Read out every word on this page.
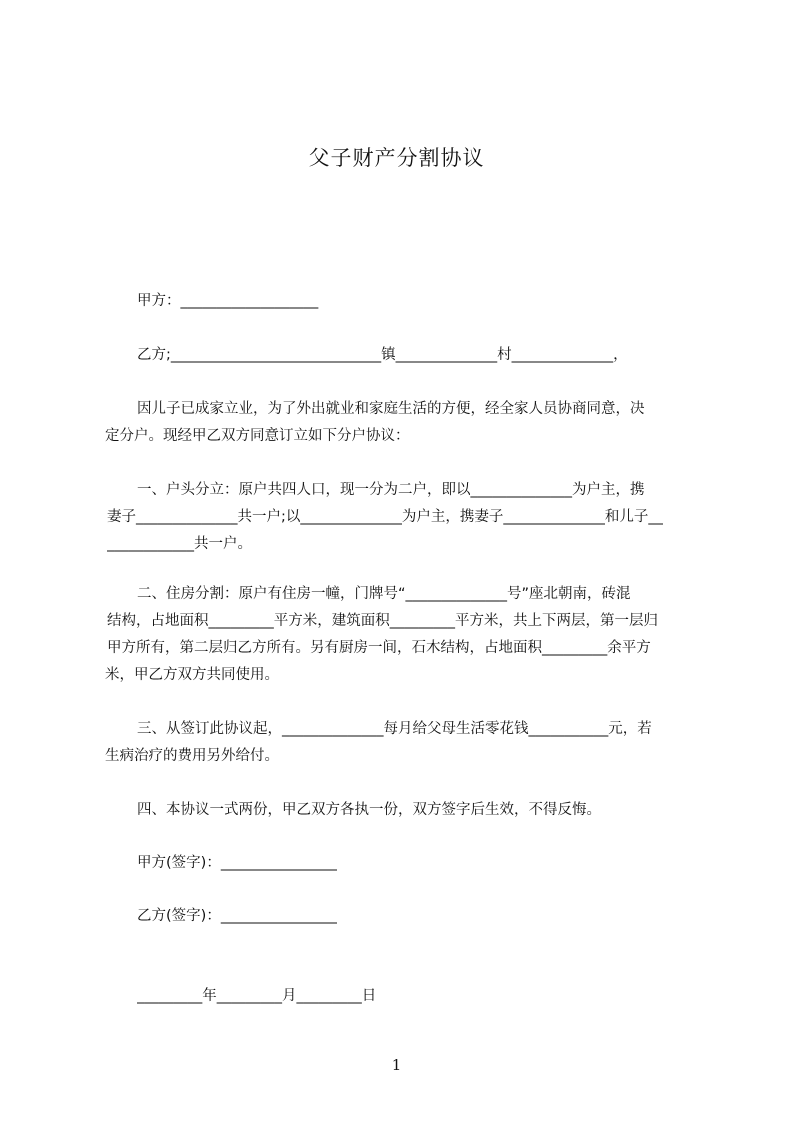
父子财产分割协议
甲方：___________________
乙方;_____________________________镇______________村______________，
因儿子已成家立业，为了外出就业和家庭生活的方便，经全家人员协商同意，决
定分户。现经甲乙双方同意订立如下分户协议：
一、户头分立：原户共四人口，现一分为二户，即以______________为户主，携
妻子______________共一户;以______________为户主，携妻子______________和儿子__
____________共一户。
二、住房分割：原户有住房一幢，门牌号“______________号”座北朝南，砖混
结构，占地面积_________平方米，建筑面积_________平方米，共上下两层，第一层归
甲方所有，第二层归乙方所有。另有厨房一间，石木结构，占地面积_________余平方
米，甲乙方双方共同使用。
三、从签订此协议起，______________每月给父母生活零花钱___________元，若
生病治疗的费用另外给付。
四、本协议一式两份，甲乙双方各执一份，双方签字后生效，不得反悔。
甲方(签字)：________________
乙方(签字)：________________
_________年_________月_________日
1
